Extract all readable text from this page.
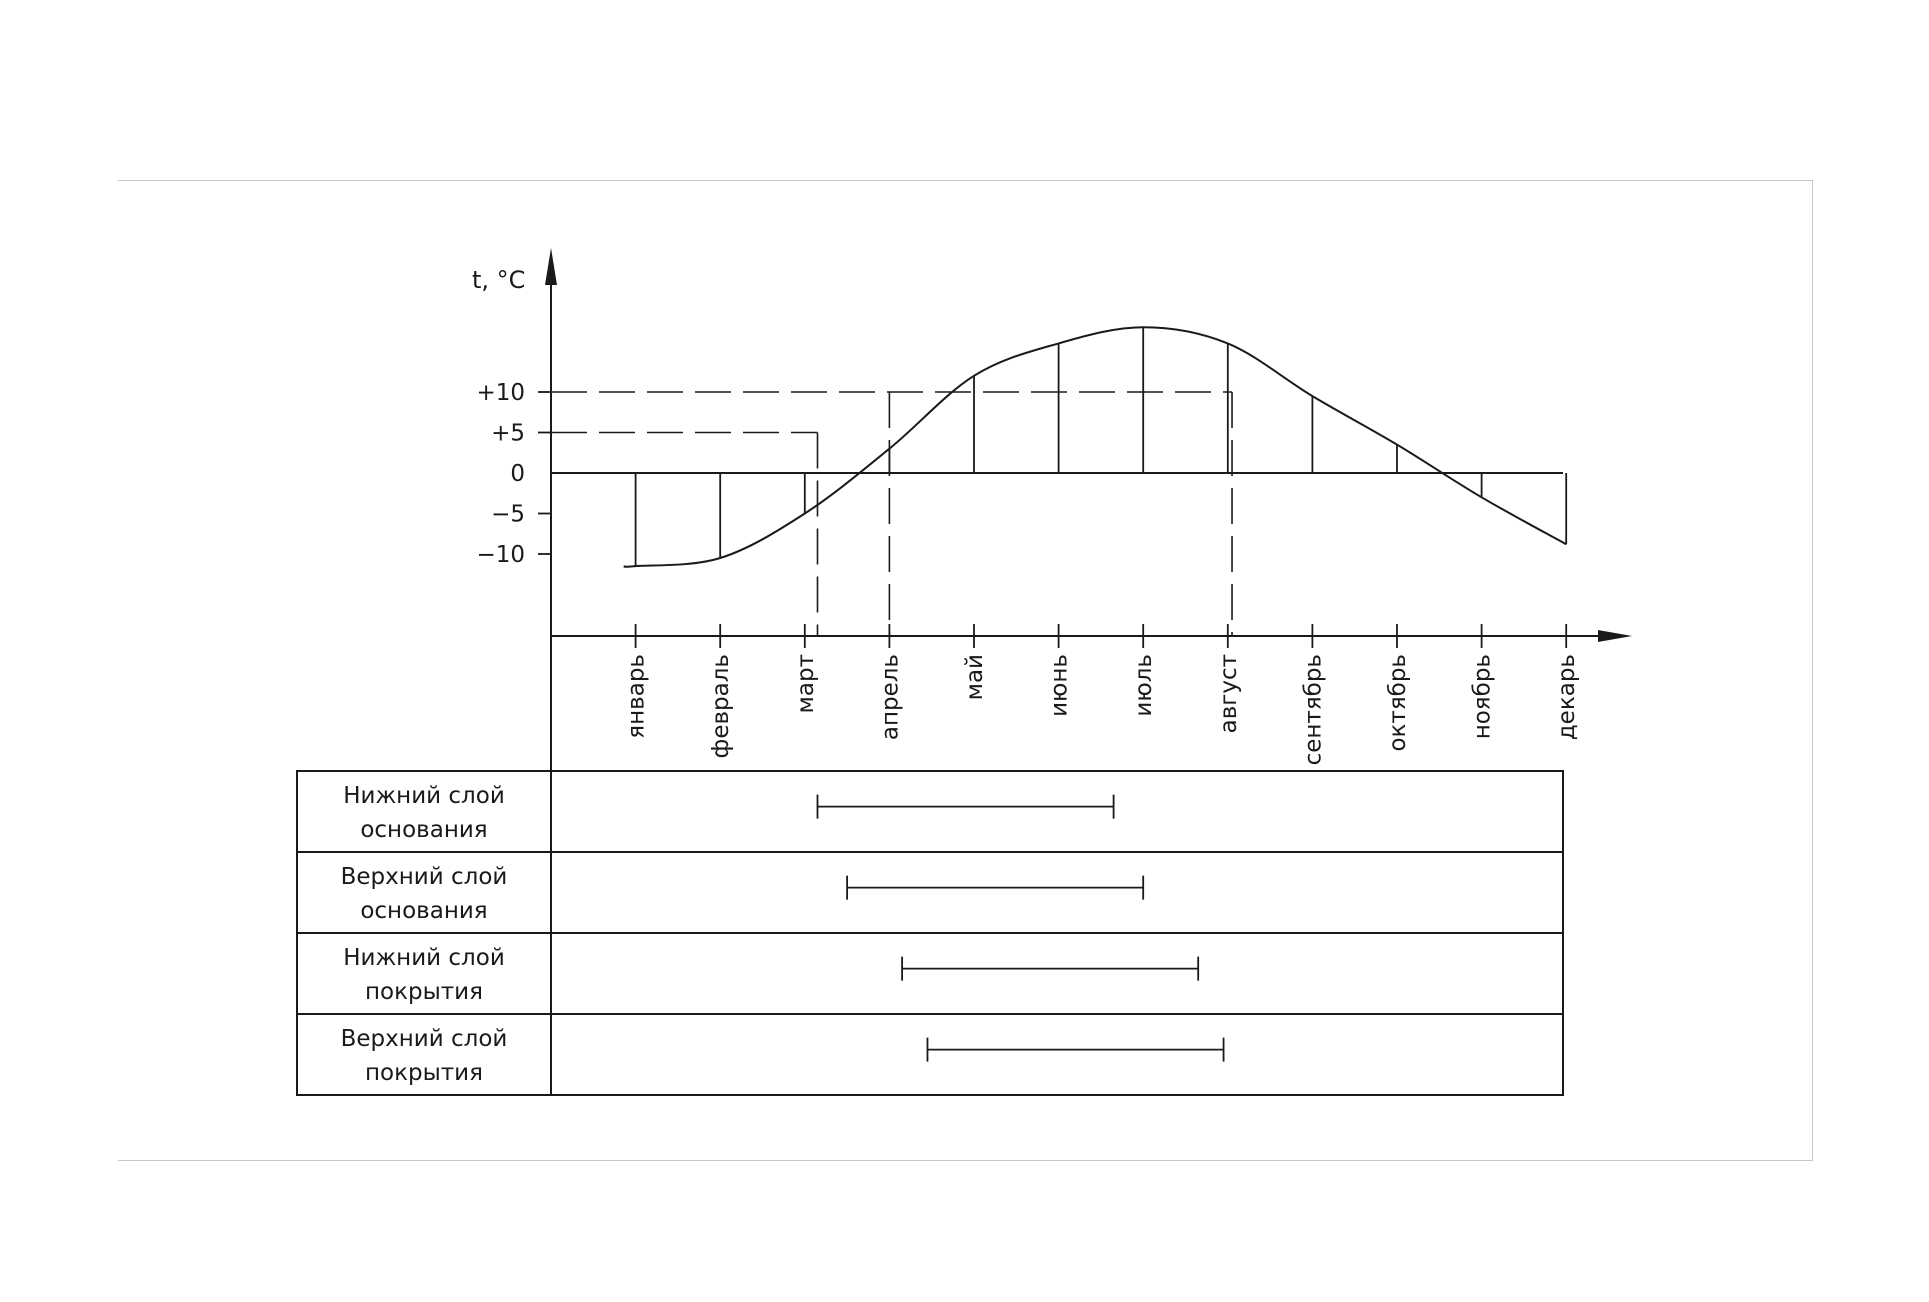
+10
+5
0
−5
−10
январь	февраль	март	апрель	май	июнь	июль	август	сентябрь	октябрь	ноябрь	декарь
t, °C
Нижний слой
основания
Верхний слой
основания
Нижний слой
покрытия
Верхний слой
покрытия
